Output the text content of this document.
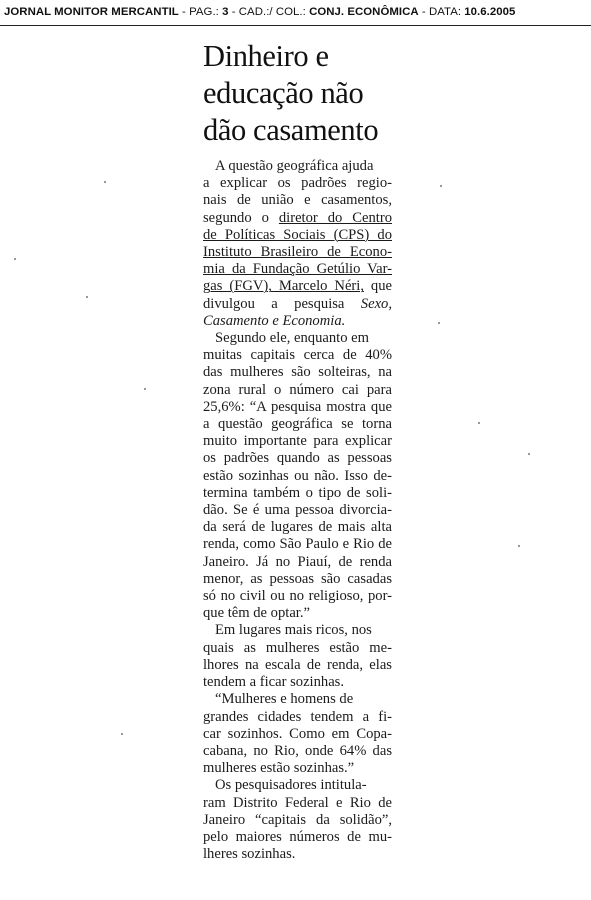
JORNAL MONITOR MERCANTIL - PAG.: 3 - CAD.:/ COL.: CONJ. ECONÔMICA - DATA: 10.6.2005
Dinheiro e
educação não
dão casamento
A questão geográfica ajuda
a explicar os padrões regio-
nais de união e casamentos,
segundo o diretor do Centro
de Políticas Sociais (CPS) do
Instituto Brasileiro de Econo-
mia da Fundação Getúlio Var-
gas (FGV), Marcelo Néri, que
divulgou a pesquisa Sexo,
Casamento e Economia.
Segundo ele, enquanto em
muitas capitais cerca de 40%
das mulheres são solteiras, na
zona rural o número cai para
25,6%: “A pesquisa mostra que
a questão geográfica se torna
muito importante para explicar
os padrões quando as pessoas
estão sozinhas ou não. Isso de-
termina também o tipo de soli-
dão. Se é uma pessoa divorcia-
da será de lugares de mais alta
renda, como São Paulo e Rio de
Janeiro. Já no Piauí, de renda
menor, as pessoas são casadas
só no civil ou no religioso, por-
que têm de optar.”
Em lugares mais ricos, nos
quais as mulheres estão me-
lhores na escala de renda, elas
tendem a ficar sozinhas.
“Mulheres e homens de
grandes cidades tendem a fi-
car sozinhos. Como em Copa-
cabana, no Rio, onde 64% das
mulheres estão sozinhas.”
Os pesquisadores intitula-
ram Distrito Federal e Rio de
Janeiro “capitais da solidão”,
pelo maiores números de mu-
lheres sozinhas.
